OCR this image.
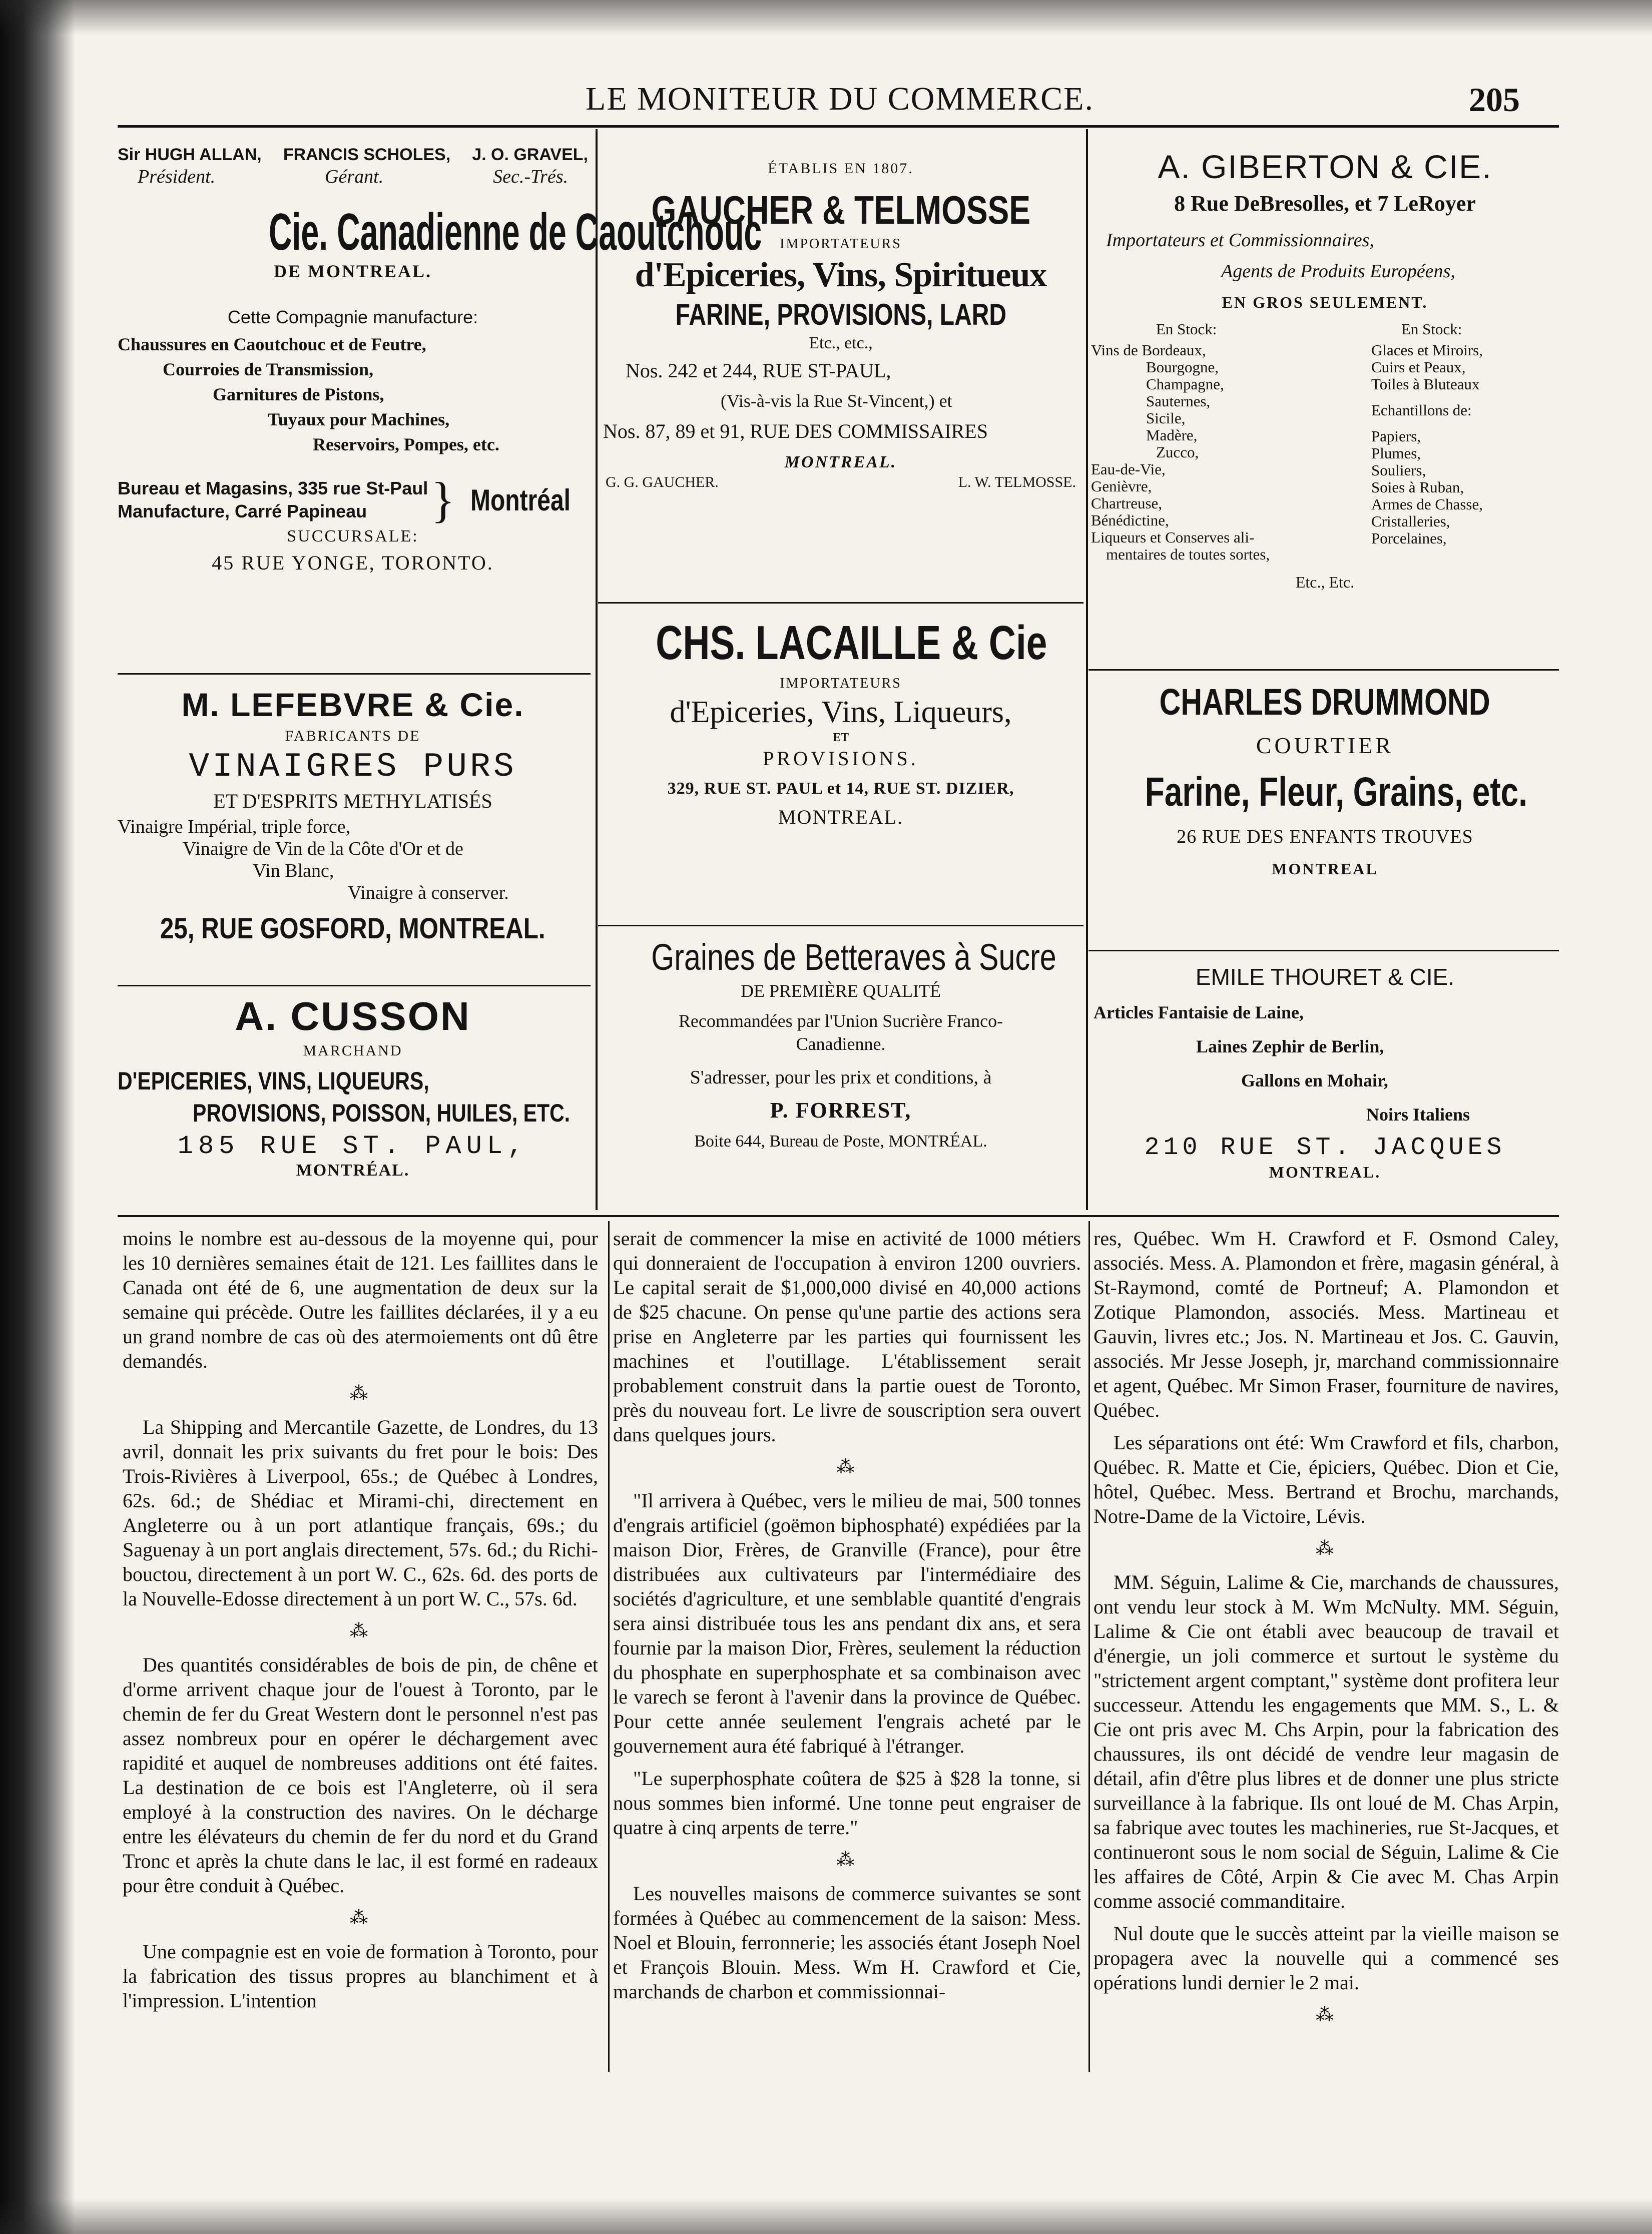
LE MONITEUR DU COMMERCE.	205
Sir HUGH ALLAN, FRANCIS SCHOLES, J. O. GRAVEL,
Président.	Gérant.	Sec.-Trés.
Cie. Canadienne de Caoutchouc
DE MONTREAL.
Cette Compagnie manufacture:
Chaussures en Caoutchouc et de Feutre,
Courroies de Transmission,
Garnitures de Pistons,
Tuyaux pour Machines,
Reservoirs, Pompes, etc.
Bureau et Magasins, 335 rue St-Paul
Manufacture, Carré Papineau	} Montréal
SUCCURSALE:
45 RUE YONGE, TORONTO.
M. LEFEBVRE & Cie.
FABRICANTS DE
VINAIGRES PURS
ET D'ESPRITS METHYLATISÉS
Vinaigre Impérial, triple force,
Vinaigre de Vin de la Côte d'Or et de
Vin Blanc,
Vinaigre à conserver.
25, RUE GOSFORD, MONTREAL.
A. CUSSON
MARCHAND
D'EPICERIES, VINS, LIQUEURS,
PROVISIONS, POISSON, HUILES, ETC.
185 RUE ST. PAUL,
MONTRÉAL.
ÉTABLIS EN 1807.
GAUCHER & TELMOSSE
IMPORTATEURS
d'Epiceries, Vins, Spiritueux
FARINE, PROVISIONS, LARD
Etc., etc.,
Nos. 242 et 244, RUE ST-PAUL,
(Vis-à-vis la Rue St-Vincent,) et
Nos. 87, 89 et 91, RUE DES COMMISSAIRES
MONTREAL.
G. G. GAUCHER.	L. W. TELMOSSE.
CHS. LACAILLE & Cie
IMPORTATEURS
d'Epiceries, Vins, Liqueurs,
ET
PROVISIONS.
329, RUE ST. PAUL et 14, RUE ST. DIZIER,
MONTREAL.
Graines de Betteraves à Sucre
DE PREMIÈRE QUALITÉ
Recommandées par l'Union Sucrière Franco-
Canadienne.
S'adresser, pour les prix et conditions, à
P. FORREST,
Boite 644, Bureau de Poste, MONTRÉAL.
A. GIBERTON & CIE.
8 Rue DeBresolles, et 7 LeRoyer
Importateurs et Commissionnaires,
Agents de Produits Européens,
EN GROS SEULEMENT.
En Stock:
Vins de Bordeaux,
Bourgogne,
Champagne,
Sauternes,
Sicile,
Madère,
Zucco,
Eau-de-Vie,
Genièvre,
Chartreuse,
Bénédictine,
Liqueurs et Conserves ali-
mentaires de toutes sortes,
En Stock:
Glaces et Miroirs,
Cuirs et Peaux,
Toiles à Bluteaux
Echantillons de:
Papiers,
Plumes,
Souliers,
Soies à Ruban,
Armes de Chasse,
Cristalleries,
Porcelaines,
Etc., Etc.
CHARLES DRUMMOND
COURTIER
Farine, Fleur, Grains, etc.
26 RUE DES ENFANTS TROUVES
MONTREAL
EMILE THOURET & CIE.
Articles Fantaisie de Laine,
Laines Zephir de Berlin,
Gallons en Mohair,
Noirs Italiens
210 RUE ST. JACQUES
MONTREAL.

moins le nombre est au-dessous de la moyenne qui, pour les 10 dernières semaines était de 121. Les faillites dans le Canada ont été de 6, une augmentation de deux sur la semaine qui précède. Outre les faillites déclarées, il y a eu un grand nombre de cas où des atermoiements ont dû être demandés.

⁂

La Shipping and Mercantile Gazette, de Londres, du 13 avril, donnait les prix suivants du fret pour le bois: Des Trois-Rivières à Liverpool, 65s.; de Québec à Londres, 62s. 6d.; de Shédiac et Mirami-chi, directement en Angleterre ou à un port atlantique français, 69s.; du Saguenay à un port anglais directement, 57s. 6d.; du Richi-bouctou, directement à un port W. C., 62s. 6d. des ports de la Nouvelle-Edosse directement à un port W. C., 57s. 6d.

⁂

Des quantités considérables de bois de pin, de chêne et d'orme arrivent chaque jour de l'ouest à Toronto, par le chemin de fer du Great Western dont le personnel n'est pas assez nombreux pour en opérer le déchargement avec rapidité et auquel de nombreuses additions ont été faites. La destination de ce bois est l'Angleterre, où il sera employé à la construction des navires. On le décharge entre les élévateurs du chemin de fer du nord et du Grand Tronc et après la chute dans le lac, il est formé en radeaux pour être conduit à Québec.

⁂

Une compagnie est en voie de formation à Toronto, pour la fabrication des tissus propres au blanchiment et à l'impression. L'intention

serait de commencer la mise en activité de 1000 métiers qui donneraient de l'occupation à environ 1200 ouvriers. Le capital serait de $1,000,000 divisé en 40,000 actions de $25 chacune. On pense qu'une partie des actions sera prise en Angleterre par les parties qui fournissent les machines et l'outillage. L'établissement serait probablement construit dans la partie ouest de Toronto, près du nouveau fort. Le livre de souscription sera ouvert dans quelques jours.

⁂

"Il arrivera à Québec, vers le milieu de mai, 500 tonnes d'engrais artificiel (goëmon biphosphaté) expédiées par la maison Dior, Frères, de Granville (France), pour être distribuées aux cultivateurs par l'intermédiaire des sociétés d'agriculture, et une semblable quantité d'engrais sera ainsi distribuée tous les ans pendant dix ans, et sera fournie par la maison Dior, Frères, seulement la réduction du phosphate en superphosphate et sa combinaison avec le varech se feront à l'avenir dans la province de Québec. Pour cette année seulement l'engrais acheté par le gouvernement aura été fabriqué à l'étranger.

"Le superphosphate coûtera de $25 à $28 la tonne, si nous sommes bien informé. Une tonne peut engraiser de quatre à cinq arpents de terre."

⁂

Les nouvelles maisons de commerce suivantes se sont formées à Québec au commencement de la saison: Mess. Noel et Blouin, ferronnerie; les associés étant Joseph Noel et François Blouin. Mess. Wm H. Crawford et Cie, marchands de charbon et commissionnai-

res, Québec. Wm H. Crawford et F. Osmond Caley, associés. Mess. A. Plamondon et frère, magasin général, à St-Raymond, comté de Portneuf; A. Plamondon et Zotique Plamondon, associés. Mess. Martineau et Gauvin, livres etc.; Jos. N. Martineau et Jos. C. Gauvin, associés. Mr Jesse Joseph, jr, marchand commissionnaire et agent, Québec. Mr Simon Fraser, fourniture de navires, Québec.

Les séparations ont été: Wm Crawford et fils, charbon, Québec. R. Matte et Cie, épiciers, Québec. Dion et Cie, hôtel, Québec. Mess. Bertrand et Brochu, marchands, Notre-Dame de la Victoire, Lévis.

⁂

MM. Séguin, Lalime & Cie, marchands de chaussures, ont vendu leur stock à M. Wm McNulty. MM. Séguin, Lalime & Cie ont établi avec beaucoup de travail et d'énergie, un joli commerce et surtout le système du "strictement argent comptant," système dont profitera leur successeur. Attendu les engagements que MM. S., L. & Cie ont pris avec M. Chs Arpin, pour la fabrication des chaussures, ils ont décidé de vendre leur magasin de détail, afin d'être plus libres et de donner une plus stricte surveillance à la fabrique. Ils ont loué de M. Chas Arpin, sa fabrique avec toutes les machineries, rue St-Jacques, et continueront sous le nom social de Séguin, Lalime & Cie les affaires de Côté, Arpin & Cie avec M. Chas Arpin comme associé commanditaire.

Nul doute que le succès atteint par la vieille maison se propagera avec la nouvelle qui a commencé ses opérations lundi dernier le 2 mai.

⁂
